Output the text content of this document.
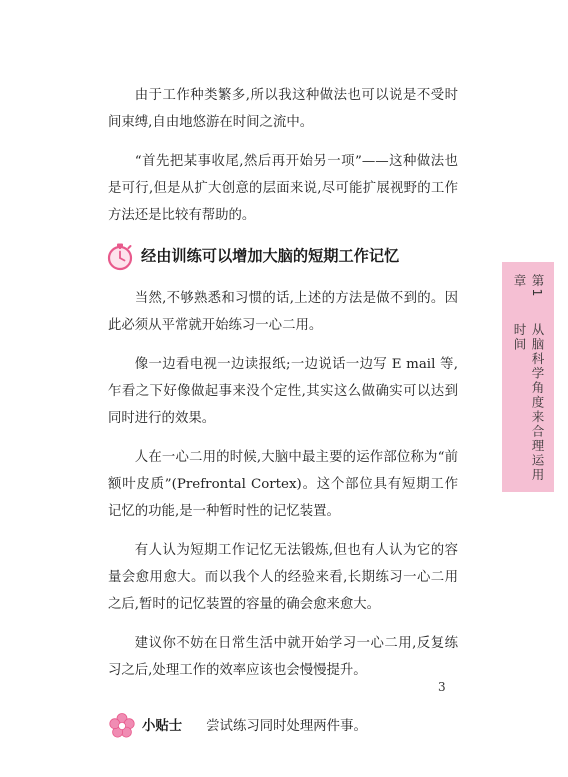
由于工作种类繁多,所以我这种做法也可以说是不受时间束缚,自由地悠游在时间之流中。

“首先把某事收尾,然后再开始另一项”——这种做法也是可行,但是从扩大创意的层面来说,尽可能扩展视野的工作方法还是比较有帮助的。

经由训练可以增加大脑的短期工作记忆

当然,不够熟悉和习惯的话,上述的方法是做不到的。因此必须从平常就开始练习一心二用。

像一边看电视一边读报纸;一边说话一边写 E mail 等,乍看之下好像做起事来没个定性,其实这么做确实可以达到同时进行的效果。

人在一心二用的时候,大脑中最主要的运作部位称为“前额叶皮质”(Prefrontal Cortex)。这个部位具有短期工作记忆的功能,是一种暂时性的记忆装置。

有人认为短期工作记忆无法锻炼,但也有人认为它的容量会愈用愈大。而以我个人的经验来看,长期练习一心二用之后,暂时的记忆装置的容量的确会愈来愈大。

建议你不妨在日常生活中就开始学习一心二用,反复练习之后,处理工作的效率应该也会慢慢提升。

小贴士 尝试练习同时处理两件事。
第1章
从脑科学角度来合理运用时间
3
